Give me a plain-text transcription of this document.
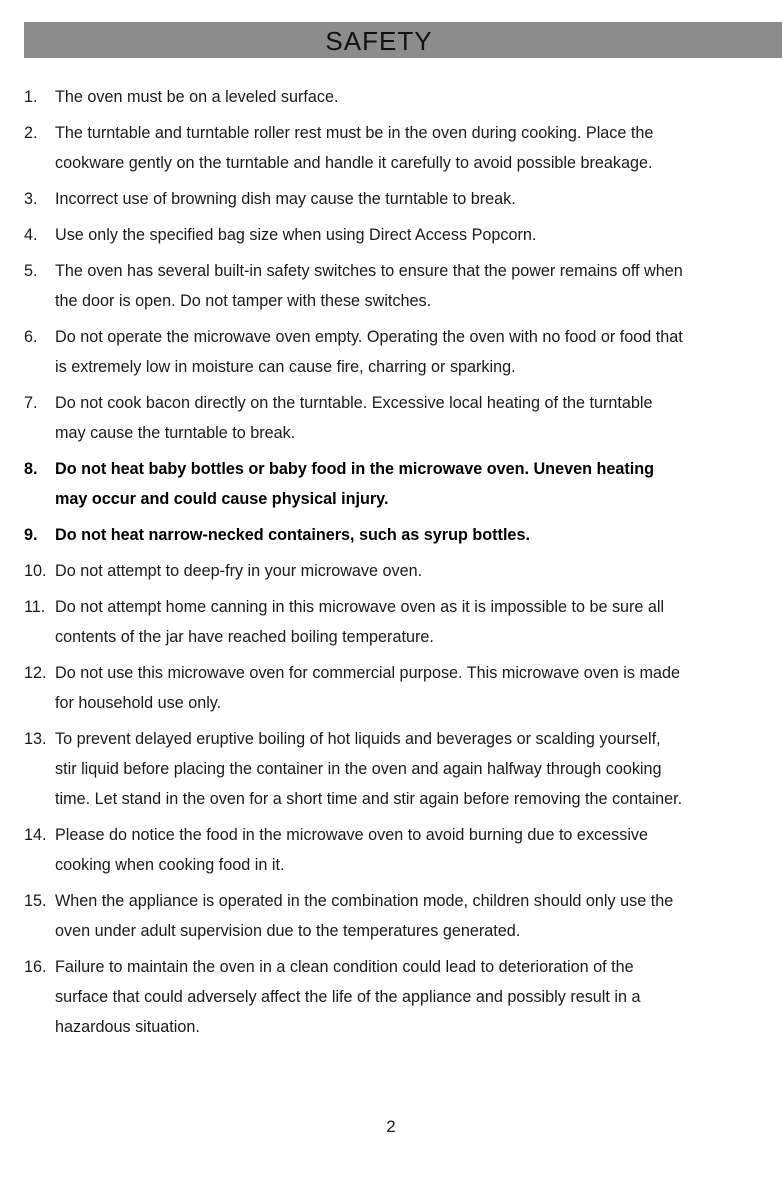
SAFETY
1. The oven must be on a leveled surface.
2. The turntable and turntable roller rest must be in the oven during cooking. Place the
cookware gently on the turntable and handle it carefully to avoid possible breakage.
3. Incorrect use of browning dish may cause the turntable to break.
4. Use only the specified bag size when using Direct Access Popcorn.
5. The oven has several built-in safety switches to ensure that the power remains off when
the door is open. Do not tamper with these switches.
6. Do not operate the microwave oven empty. Operating the oven with no food or food that
is extremely low in moisture can cause fire, charring or sparking.
7. Do not cook bacon directly on the turntable. Excessive local heating of the turntable
may cause the turntable to break.
8. Do not heat baby bottles or baby food in the microwave oven. Uneven heating
may occur and could cause physical injury.
9. Do not heat narrow-necked containers, such as syrup bottles.
10. Do not attempt to deep-fry in your microwave oven.
11. Do not attempt home canning in this microwave oven as it is impossible to be sure all
contents of the jar have reached boiling temperature.
12. Do not use this microwave oven for commercial purpose. This microwave oven is made
for household use only.
13. To prevent delayed eruptive boiling of hot liquids and beverages or scalding yourself,
stir liquid before placing the container in the oven and again halfway through cooking
time. Let stand in the oven for a short time and stir again before removing the container.
14. Please do notice the food in the microwave oven to avoid burning due to excessive
cooking when cooking food in it.
15. When the appliance is operated in the combination mode, children should only use the
oven under adult supervision due to the temperatures generated.
16. Failure to maintain the oven in a clean condition could lead to deterioration of the
surface that could adversely affect the life of the appliance and possibly result in a
hazardous situation.
2
